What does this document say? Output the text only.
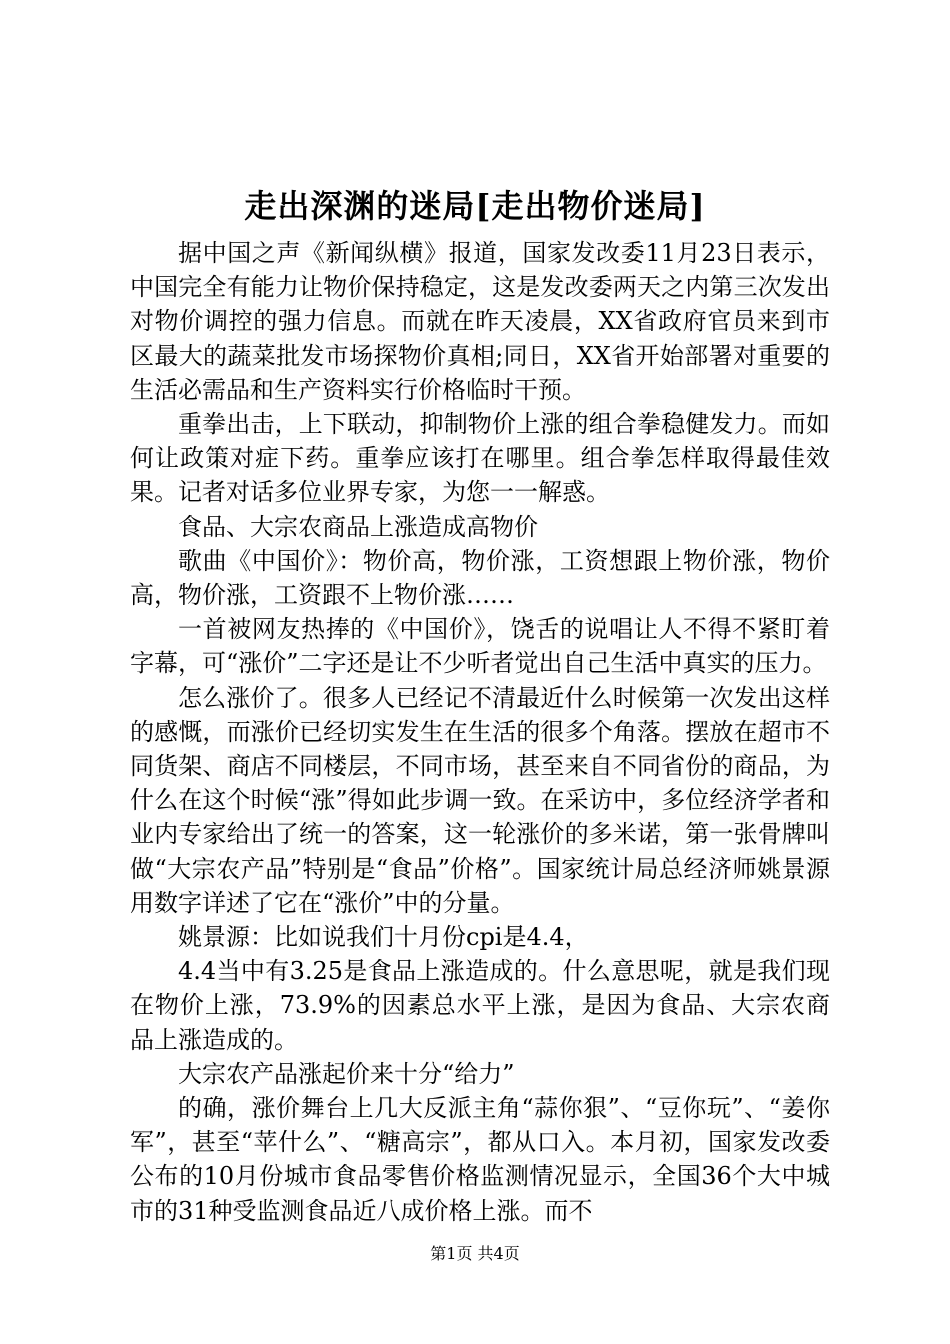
走出深渊的迷局[走出物价迷局]

据中国之声《新闻纵横》报道，国家发改委11月23日表示，中国完全有能力让物价保持稳定，这是发改委两天之内第三次发出对物价调控的强力信息。而就在昨天凌晨，XX省政府官员来到市区最大的蔬菜批发市场探物价真相;同日，XX省开始部署对重要的生活必需品和生产资料实行价格临时干预。

重拳出击，上下联动，抑制物价上涨的组合拳稳健发力。而如何让政策对症下药。重拳应该打在哪里。组合拳怎样取得最佳效果。记者对话多位业界专家，为您一一解惑。

食品、大宗农商品上涨造成高物价

歌曲《中国价》：物价高，物价涨，工资想跟上物价涨，物价高，物价涨，工资跟不上物价涨……

一首被网友热捧的《中国价》，饶舌的说唱让人不得不紧盯着字幕，可“涨价”二字还是让不少听者觉出自己生活中真实的压力。

怎么涨价了。很多人已经记不清最近什么时候第一次发出这样的感慨，而涨价已经切实发生在生活的很多个角落。摆放在超市不同货架、商店不同楼层，不同市场，甚至来自不同省份的商品，为什么在这个时候“涨”得如此步调一致。在采访中，多位经济学者和业内专家给出了统一的答案，这一轮涨价的多米诺，第一张骨牌叫做“大宗农产品”特别是“食品”价格”。国家统计局总经济师姚景源用数字详述了它在“涨价”中的分量。

姚景源：比如说我们十月份cpi是4.4，

4.4当中有3.25是食品上涨造成的。什么意思呢，就是我们现在物价上涨，73.9%的因素总水平上涨，是因为食品、大宗农商品上涨造成的。

大宗农产品涨起价来十分“给力”

的确，涨价舞台上几大反派主角“蒜你狠”、“豆你玩”、“姜你军”，甚至“苹什么”、“糖高宗”，都从口入。本月初，国家发改委公布的10月份城市食品零售价格监测情况显示，全国36个大中城市的31种受监测食品近八成价格上涨。而不

第1页 共4页
